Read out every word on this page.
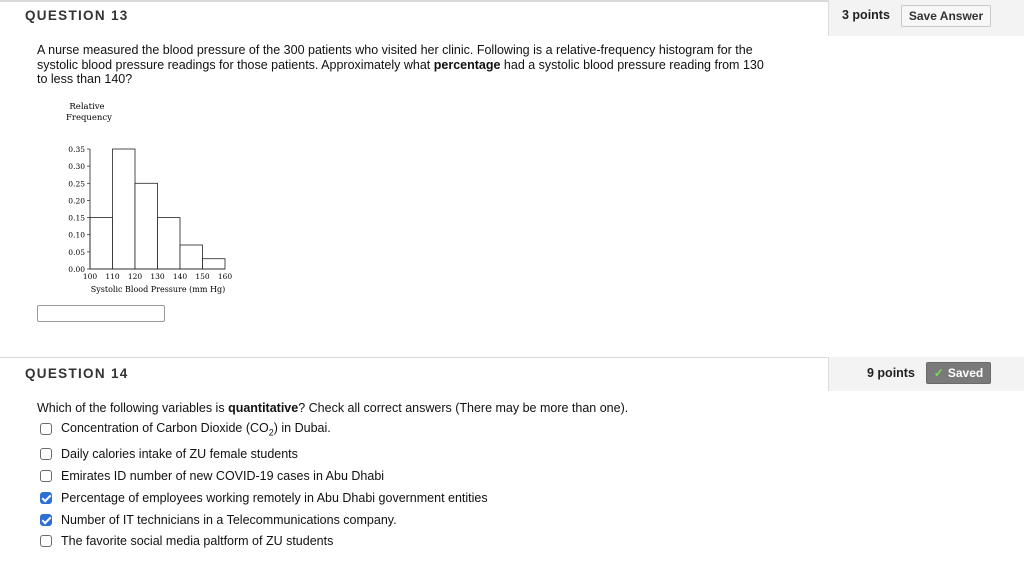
QUESTION 13	3 points	Save Answer
A nurse measured the blood pressure of the 300 patients who visited her clinic. Following is a relative-frequency histogram for the
systolic blood pressure readings for those patients. Approximately what percentage had a systolic blood pressure reading from 130
to less than 140?
Relative
Frequency
0.00
0.05
0.10
0.15
0.20
0.25
0.30
0.35
100 110 120 130 140 150 160
Systolic Blood Pressure (mm Hg)
QUESTION 14	9 points ✓ Saved
Which of the following variables is quantitative? Check all correct answers (There may be more than one).
Concentration of Carbon Dioxide $(CO_2)$ in Dubai.
Daily calories intake of ZU female students
Emirates ID number of new COVID-19 cases in Abu Dhabi
Percentage of employees working remotely in Abu Dhabi government entities
Number of IT technicians in a Telecommunications company.
The favorite social media paltform of ZU students
